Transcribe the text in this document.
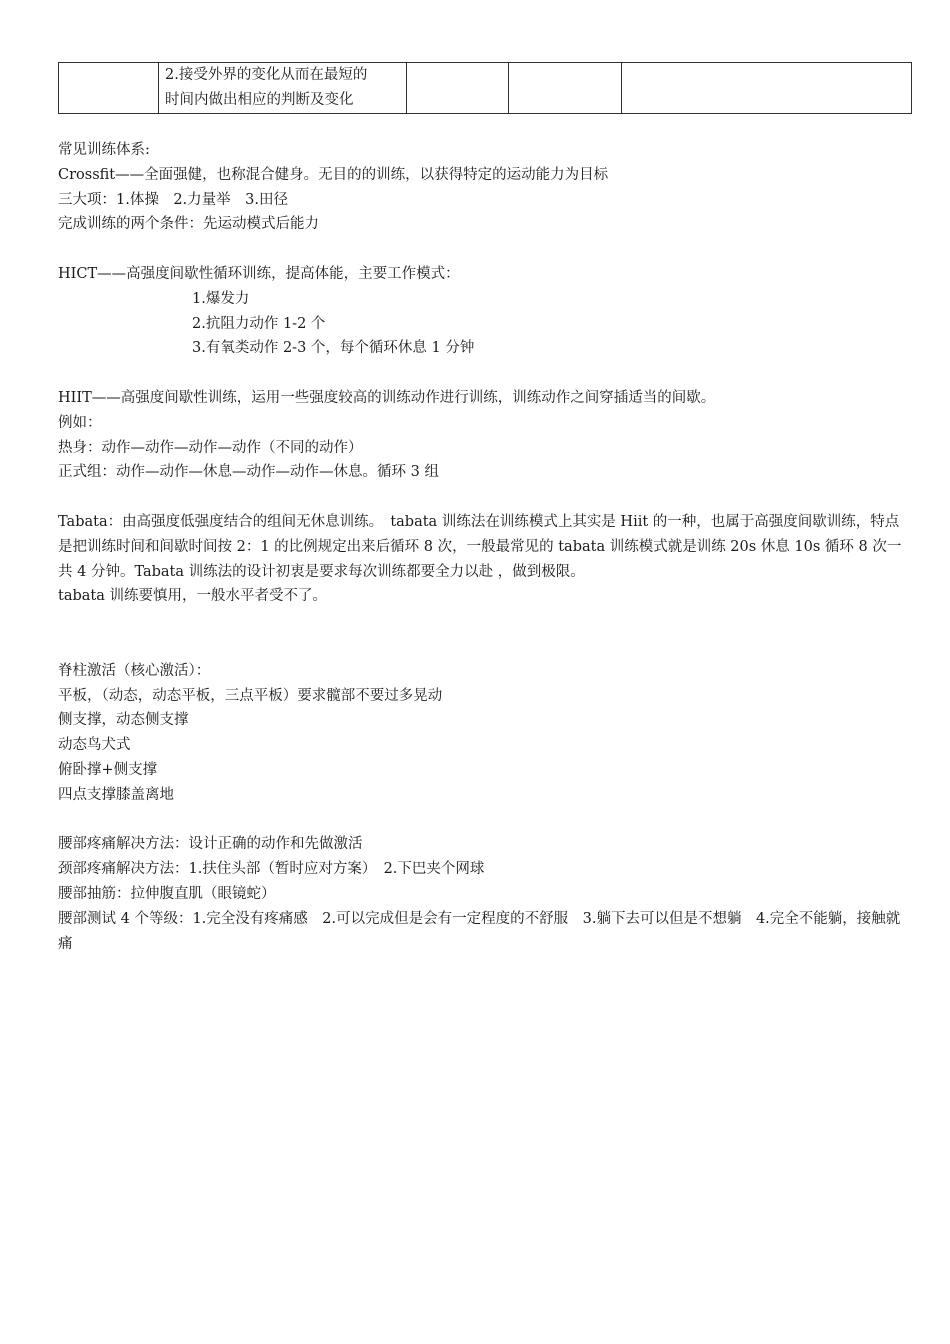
2.接受外界的变化从而在最短的
时间内做出相应的判断及变化

常见训练体系:
Crossfit——全面强健，也称混合健身。无目的的训练，以获得特定的运动能力为目标
三大项：1.体操　2.力量举　3.田径
完成训练的两个条件：先运动模式后能力
HICT——高强度间歇性循环训练，提高体能，主要工作模式：
1.爆发力
2.抗阻力动作 1-2 个
3.有氧类动作 2-3 个，每个循环休息 1 分钟
HIIT——高强度间歇性训练，运用一些强度较高的训练动作进行训练，训练动作之间穿插适当的间歇。
例如：
热身：动作—动作—动作—动作（不同的动作）
正式组：动作—动作—休息—动作—动作—休息。循环 3 组
Tabata：由高强度低强度结合的组间无休息训练。　tabata 训练法在训练模式上其实是 Hiit 的一种，也属于高强度间歇训练，特点是把训练时间和间歇时间按 2：1 的比例规定出来后循环 8 次，一般最常见的 tabata 训练模式就是训练 20s 休息 10s 循环 8 次一共 4 分钟。Tabata 训练法的设计初衷是要求每次训练都要全力以赴 ，做到极限。
tabata 训练要慎用，一般水平者受不了。
脊柱激活（核心激活）：
平板，（动态，动态平板，三点平板）要求髋部不要过多晃动
侧支撑，动态侧支撑
动态鸟犬式
俯卧撑+侧支撑
四点支撑膝盖离地
腰部疼痛解决方法：设计正确的动作和先做激活
颈部疼痛解决方法：1.扶住头部（暂时应对方案）　2.下巴夹个网球
腰部抽筋：拉伸腹直肌（眼镜蛇）
腰部测试 4 个等级：1.完全没有疼痛感　2.可以完成但是会有一定程度的不舒服　3.躺下去可以但是不想躺　4.完全不能躺，接触就痛
